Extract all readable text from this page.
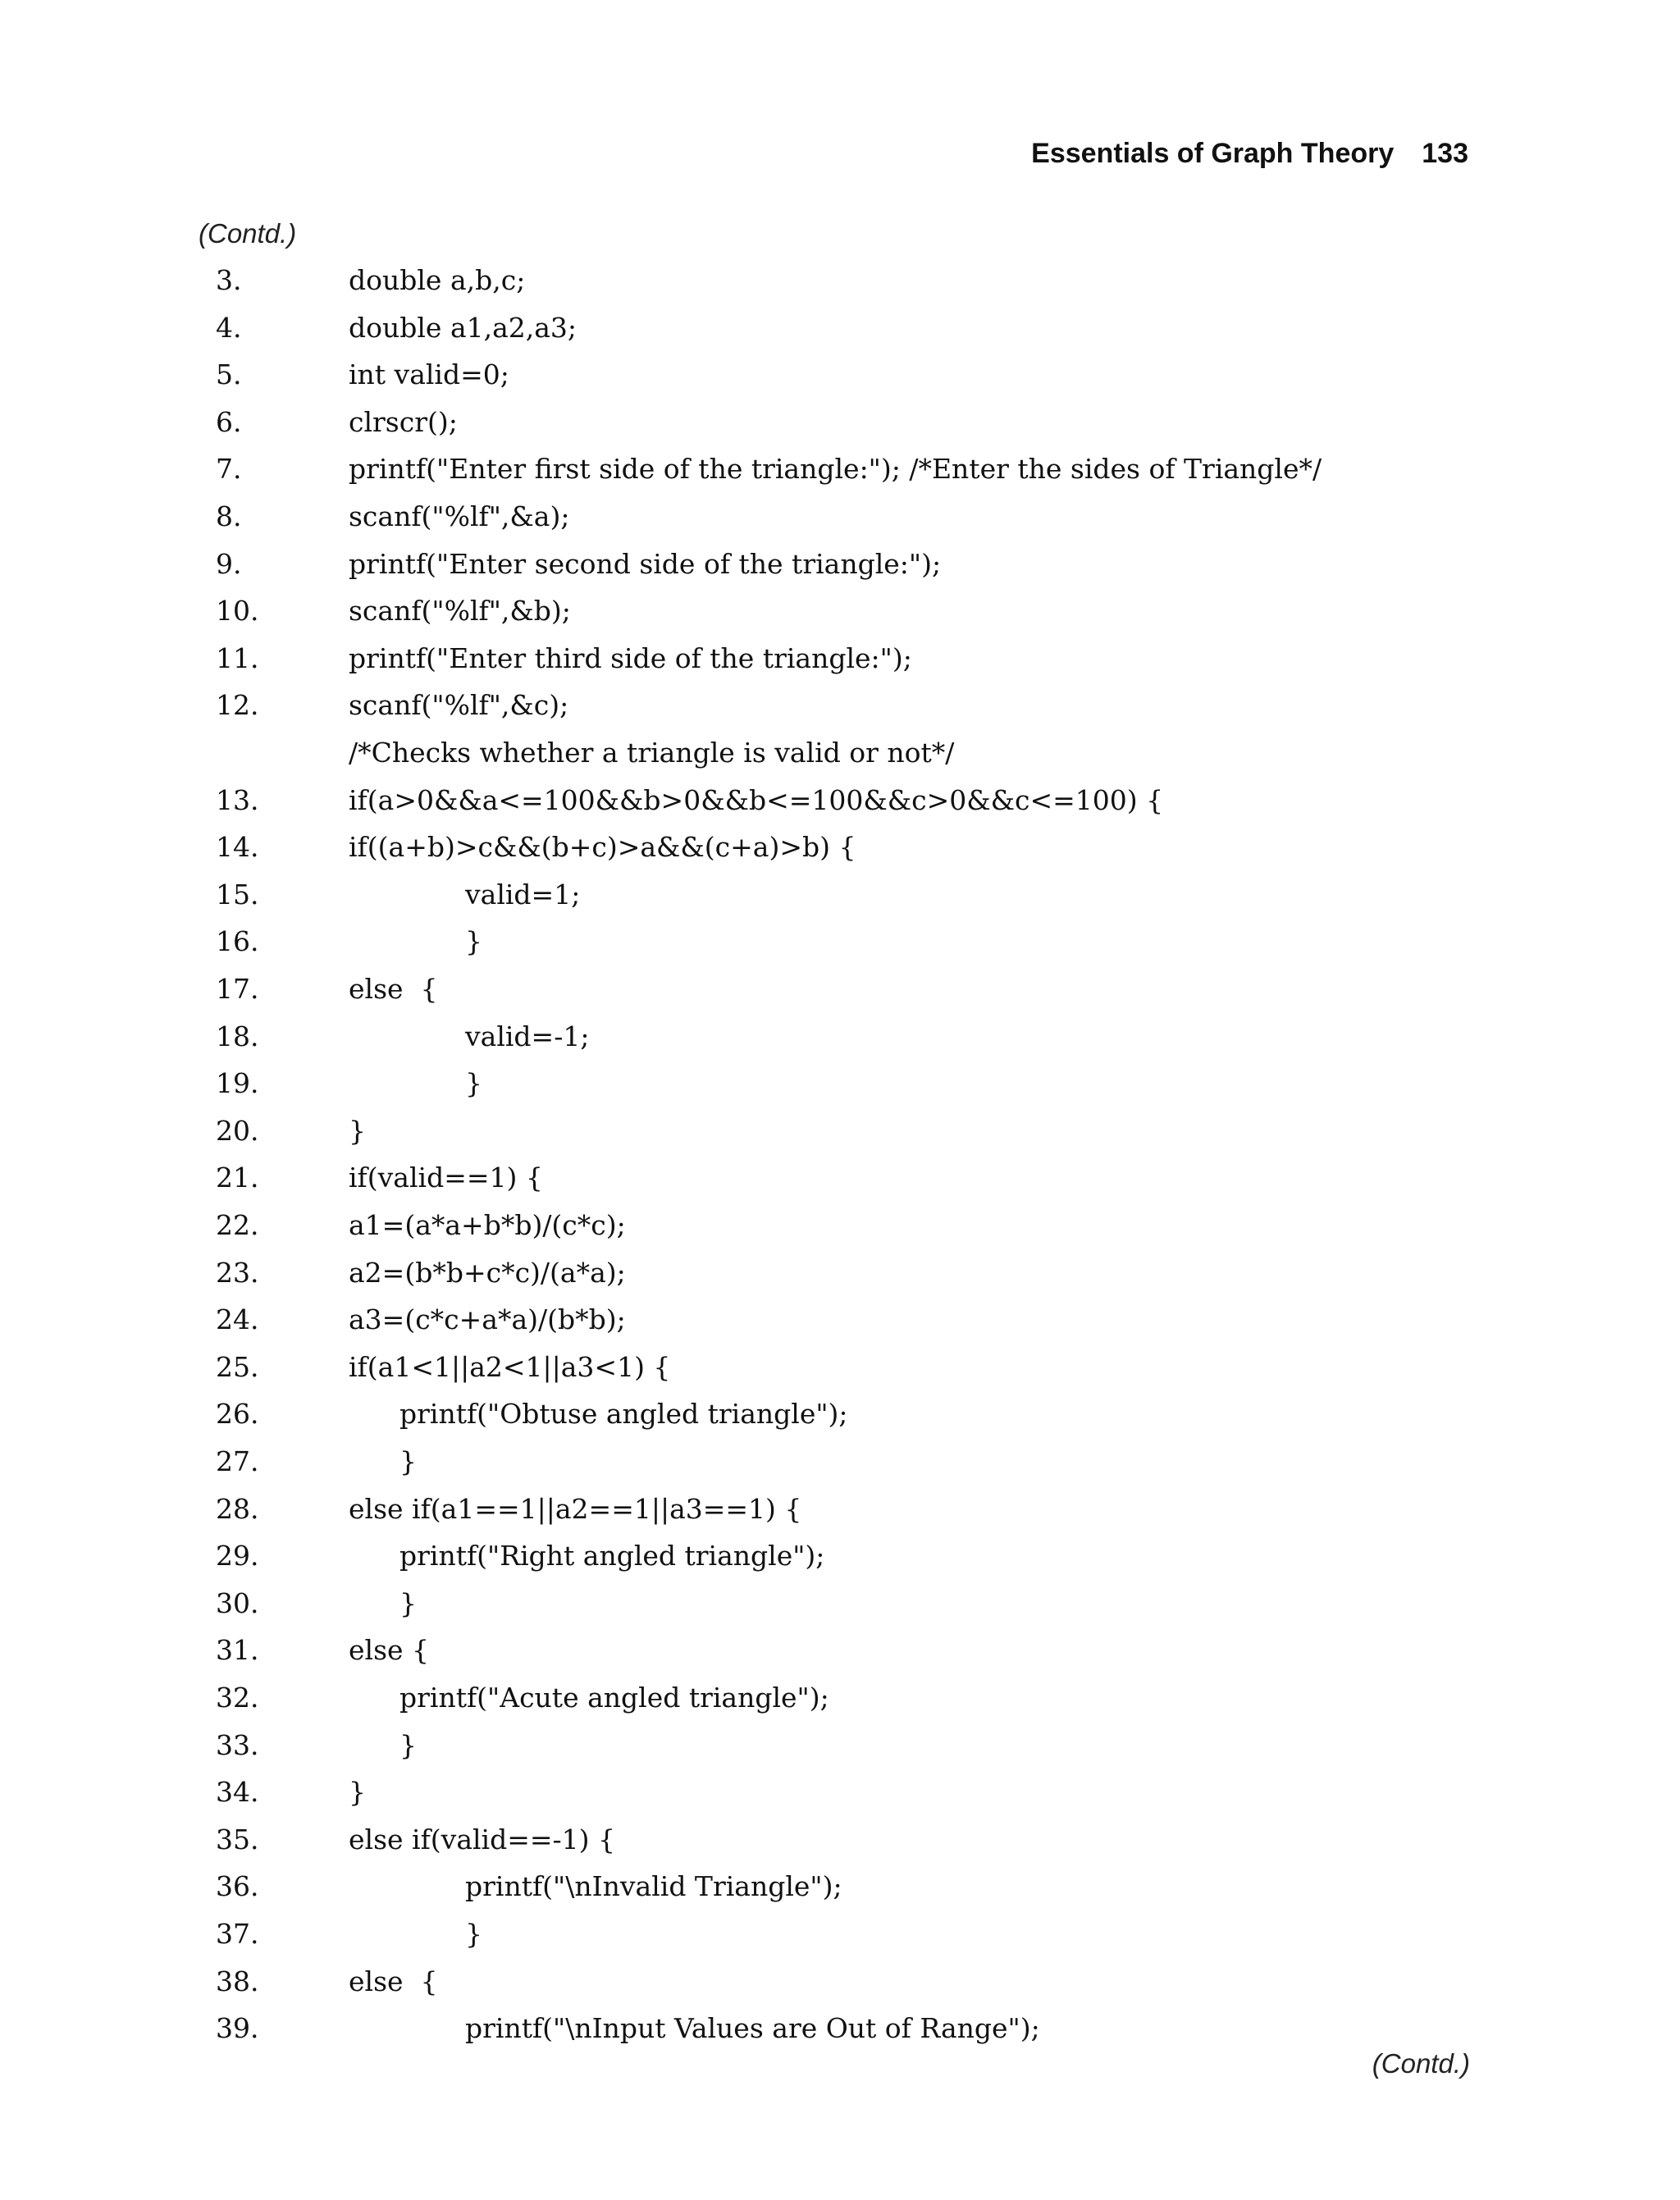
Essentials of Graph Theory 133
(Contd.)
3.	double a,b,c;
4.	double a1,a2,a3;
5.	int valid=0;
6.	clrscr();
7.	printf("Enter first side of the triangle:"); /*Enter the sides of Triangle*/
8.	scanf("%lf",&a);
9.	printf("Enter second side of the triangle:");
10.	scanf("%lf",&b);
11.	printf("Enter third side of the triangle:");
12.	scanf("%lf",&c);
/*Checks whether a triangle is valid or not*/
13.	if(a>0&&a<=100&&b>0&&b<=100&&c>0&&c<=100) {
14.	if((a+b)>c&&(b+c)>a&&(c+a)>b) {
15.	valid=1;
16.	}
17.	else  {
18.	valid=-1;
19.	}
20.	}
21.	if(valid==1) {
22.	a1=(a*a+b*b)/(c*c);
23.	a2=(b*b+c*c)/(a*a);
24.	a3=(c*c+a*a)/(b*b);
25.	if(a1<1||a2<1||a3<1) {
26.	printf("Obtuse angled triangle");
27.	}
28.	else if(a1==1||a2==1||a3==1) {
29.	printf("Right angled triangle");
30.	}
31.	else {
32.	printf("Acute angled triangle");
33.	}
34.	}
35.	else if(valid==-1) {
36.	printf("\nInvalid Triangle");
37.	}
38.	else  {
39.	printf("\nInput Values are Out of Range");
(Contd.)
